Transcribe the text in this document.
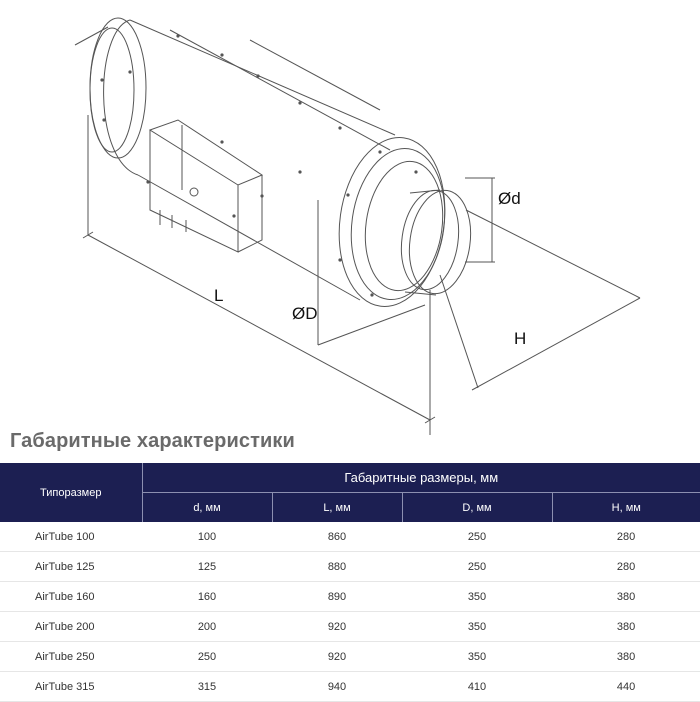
Ød
ØD
L
H
Габаритные характеристики
Типоразмер	Габаритные размеры, мм			
	d, мм	L, мм	D, мм	H, мм
AirTube 100	100	860	250	280
AirTube 125	125	880	250	280
AirTube 160	160	890	350	380
AirTube 200	200	920	350	380
AirTube 250	250	920	350	380
AirTube 315	315	940	410	440
